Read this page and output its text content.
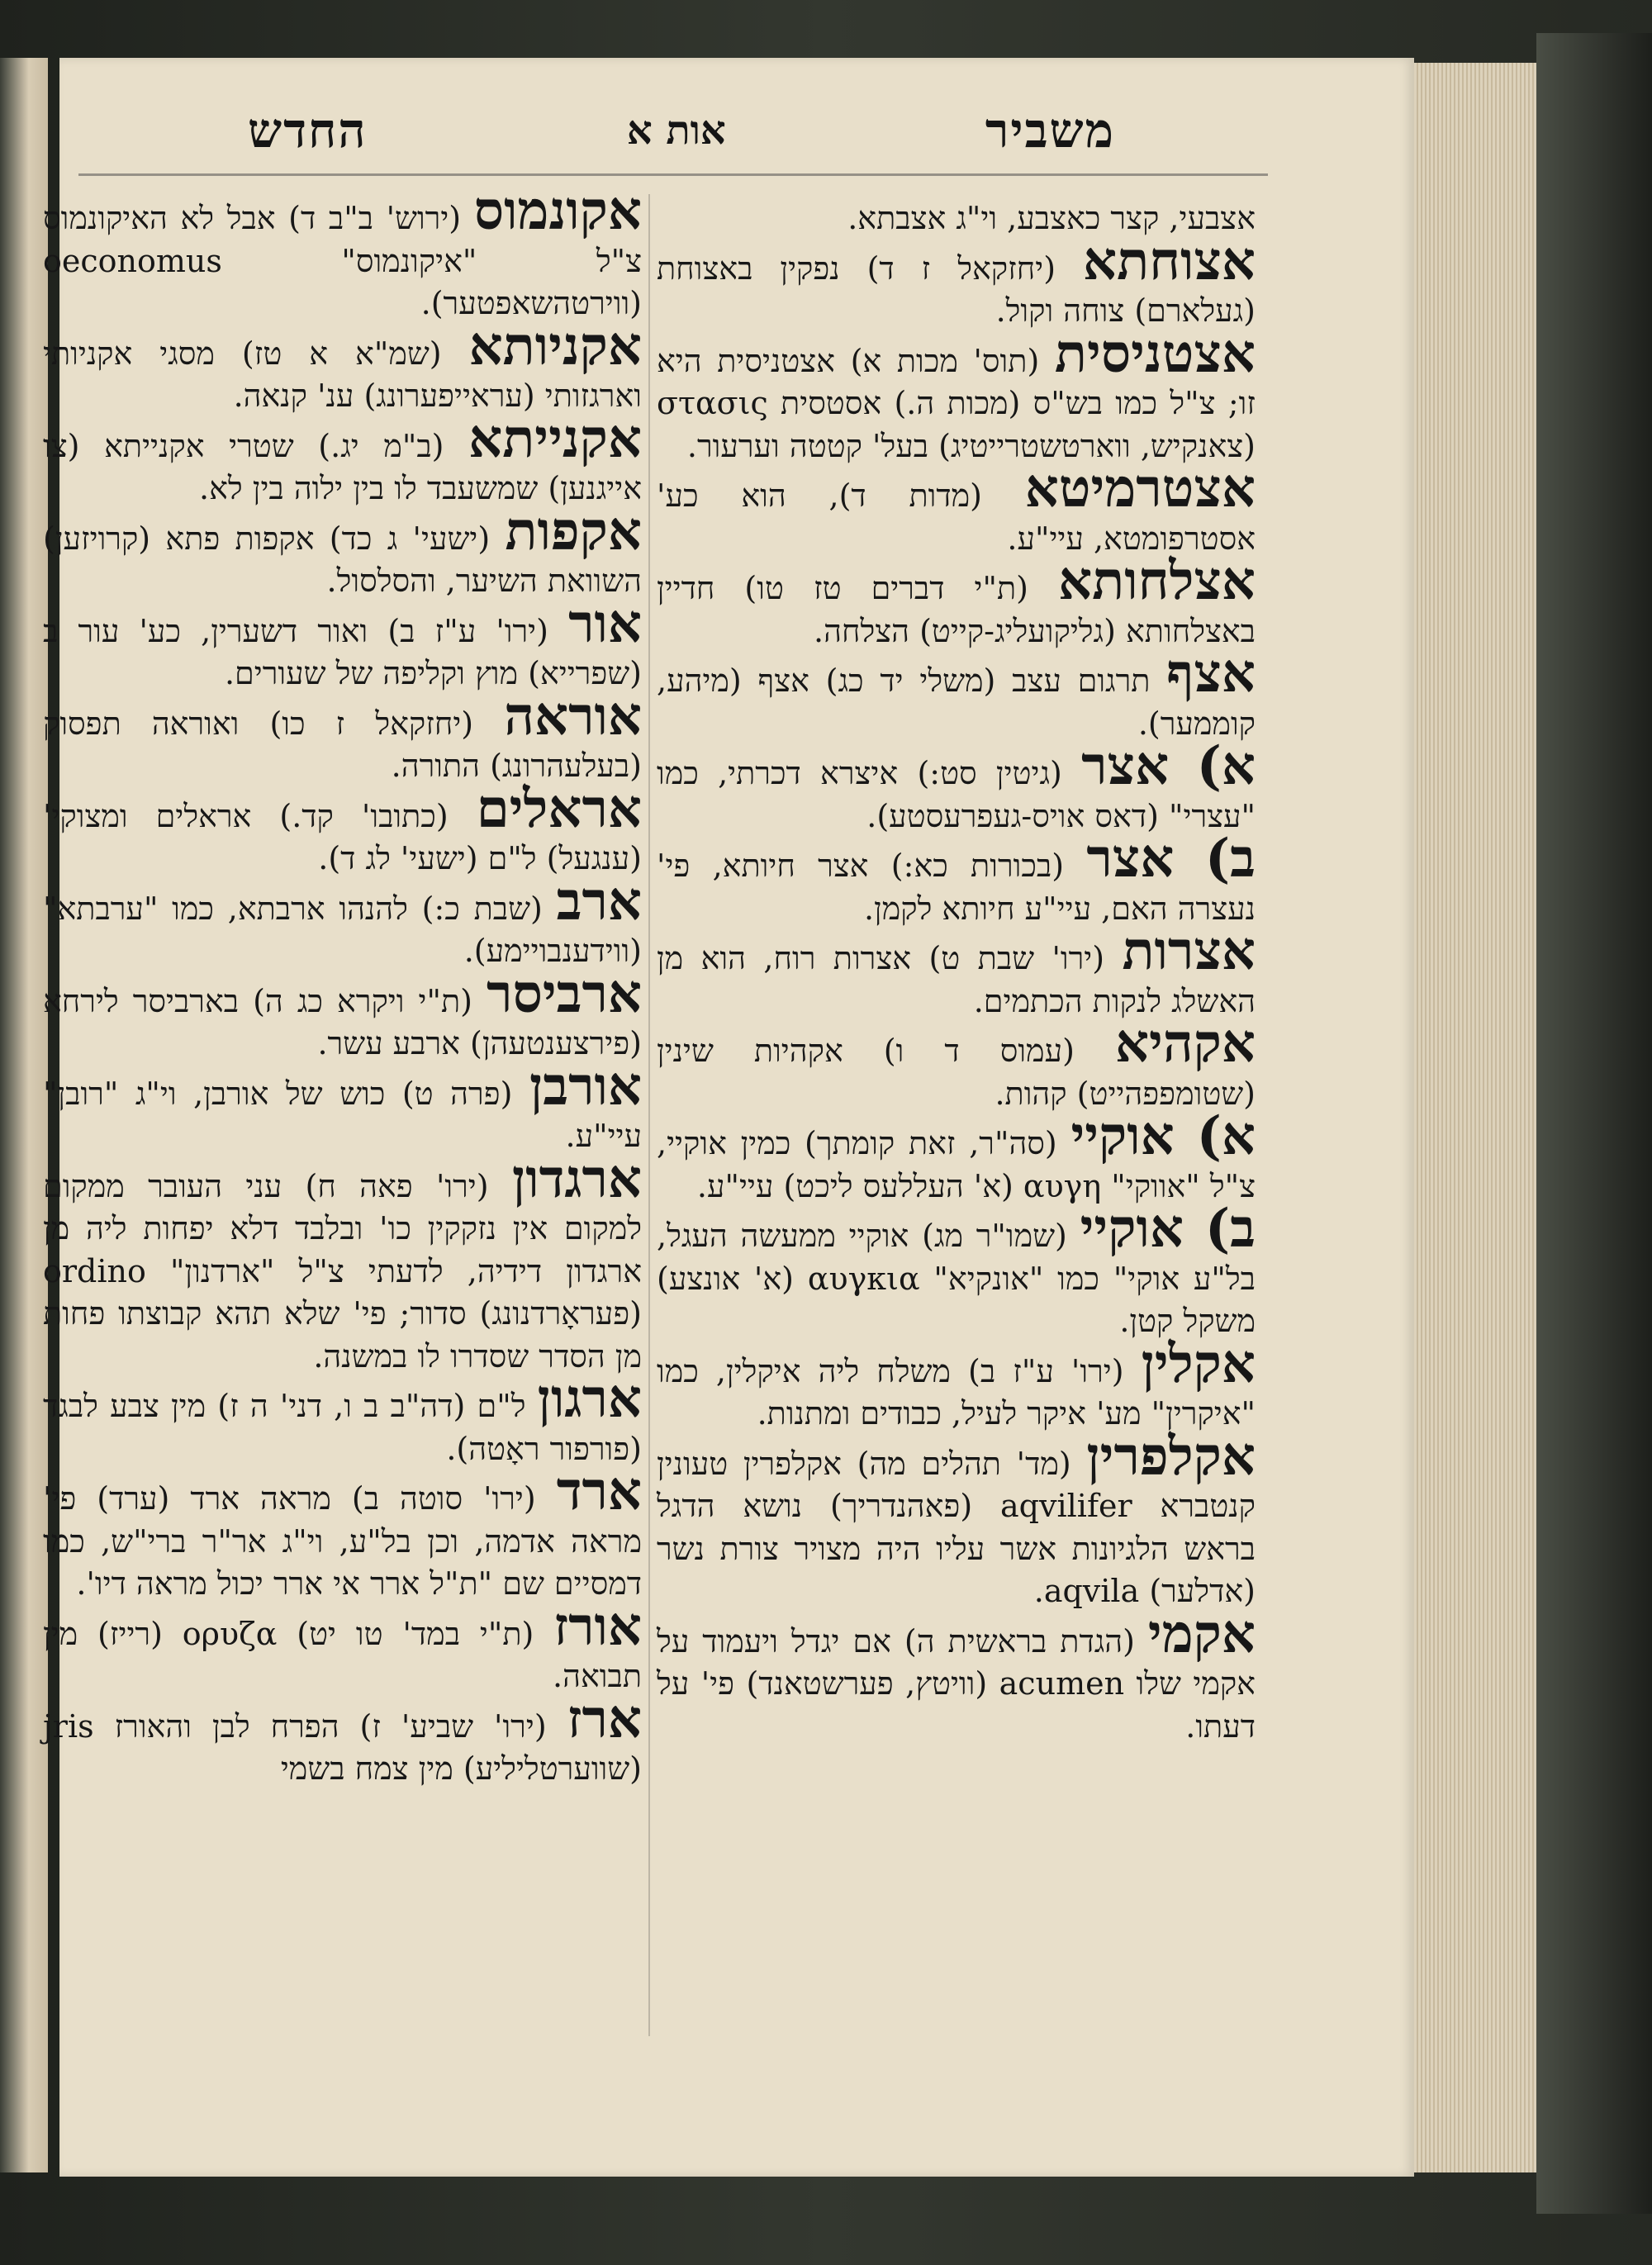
משביר
אות א
החדש

אצבעי, קצר כאצבע, וי"ג אצבתא.

אצוחתא (יחזקאל ז ד) נפקין באצוחת (געלארם) צוחה וקול.

אצטניסית (תוס' מכות א) אצטניסית היא זו; צ"ל כמו בש"ס (מכות ה.) אסטסית στασις (צאנקיש, ווארטשטרייטיג) בעל' קטטה וערעור.

אצטרמיטא (מדות ד), הוא כע' אסטרפומטא, עיי"ע.

אצלחותא (ת"י דברים טז טו) חדיין באצלחותא (גליקועליג-קייט) הצלחה.

אצף תרגום עצב (משלי יד כג) אצף (מיהע, קוממער).

א) אצר (גיטין סט:) איצרא דכרתי, כמו "עצרי" (דאס אויס-געפרעסטע).

ב) אצר (בכורות כא:) אצר חיותא, פי' נעצרה האם, עיי"ע חיותא לקמן.

אצרות (ירו' שבת ט) אצרות רוח, הוא מן האשלג לנקות הכתמים.

אקהיא (עמוס ד ו) אקהיות שינין (שטומפפהייט) קהות.

א) אוקיי (סה"ר, זאת קומתך) כמין אוקיי, צ"ל "אווקי" αυγη (א' העללעס ליכט) עיי"ע.

ב) אוקיי (שמו"ר מג) אוקיי ממעשה העגל, בל"ע אוקי" כמו "אונקיא" αυγκια (א' אונצע) משקל קטן.

אקלין (ירו' ע"ז ב) משלח ליה איקלין, כמו "איקרין" מע' איקר לעיל, כבודים ומתנות.

אקלפרין (מד' תהלים מה) אקלפרין טעונין קנטברא aqvilifer (פאהנדריך) נושא הדגל בראש הלגיונות אשר עליו היה מצויר צורת נשר (אדלער) aqvila.

אקמי (הגדת בראשית ה) אם יגדל ויעמוד על אקמי שלו acumen (וויטץ, פערשטאנד) פי' על דעתו.

אקונמוס (ירוש' ב"ב ד) אבל לא האיקונמוס צ"ל "איקונמוס" oeconomus (ווירטהשאפטער).

אקניותא (שמ"א א טז) מסגי אקניותי וארגזותי (עראייפערונג) ענ' קנאה.

אקנייתא (ב"מ יג.) שטרי אקנייתא (צו אייגנען) שמשעבד לו בין ילוה בין לא.

אקפות (ישעי' ג כד) אקפות פתא (קרויזען) השוואת השיער, והסלסול.

אור (ירו' ע"ז ב) ואור דשערין, כע' עור ב (שפרייא) מוץ וקליפה של שעורים.

אוראה (יחזקאל ז כו) ואוראה תפסוק (בעלעהרונג) התורה.

אראלים (כתובו' קד.) אראלים ומצוקי' (ענגעל) ל"ם (ישעי' לג ד).

ארב (שבת כ:) להנהו ארבתא, כמו "ערבתא" (ווידענבויימע).

ארביסר (ת"י ויקרא כג ה) בארביסר לירחא (פירצענטעהן) ארבע עשר.

אורבן (פרה ט) כוש של אורבן, וי"ג "רובן" עיי"ע.

ארגדון (ירו' פאה ח) עני העובר ממקום למקום אין נזקקין כו' ובלבד דלא יפחות ליה מן ארגדון דידיה, לדעתי צ"ל "ארדנון" ordino (פעראָרדנונג) סדור; פי' שלא תהא קבוצתו פחות מן הסדר שסדרו לו במשנה.

ארגון ל"ם (דה"ב ב ו, דני' ה ז) מין צבע לבגד (פורפור ראָטה).

ארד (ירו' סוטה ב) מראה ארד (ערד) פי' מראה אדמה, וכן בל"ע, וי"ג אר"ר ברי"ש, כמו דמסיים שם "ת"ל ארר אי ארר יכול מראה דיו'.

אורז (ת"י במד' טו יט) ορυζα (רייז) מין תבואה.

ארז (ירו' שביע' ז) הפרח לבן והאורז jris (שווערטליליע) מין צמח בשמי
